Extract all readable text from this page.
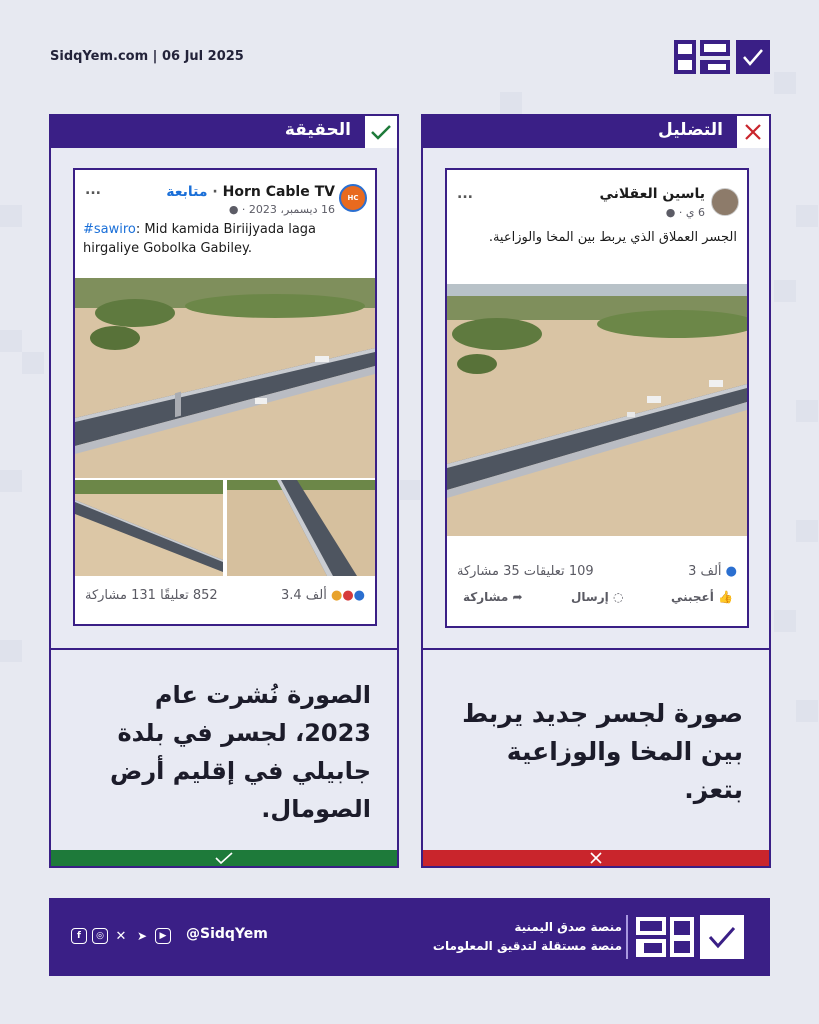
SidqYem.com | 06 Jul 2025
الحقيقة
HC
متابعة · Horn Cable TV
16 ديسمبر، 2023 · ●
...
#sawiro: Mid kamida Biriijyada laga hirgaliye Gobolka Gabiley.
3.4 ألف ●●●
852 تعليقًا 131 مشاركة
الصورة نُشرت عام 2023، لجسر في بلدة جابيلي في إقليم أرض الصومال.
التضليل
ياسين العقلاني
6 ي · ●
...
الجسر العملاق الذي يربط بين المخا والوزاعية.
3 ألف ●
109 تعليقات 35 مشاركة
أعجبني 👍
إرسال ◌
مشاركة ➦
صورة لجسر جديد يربط بين المخا والوزاعية بتعز.
f	◎ ✕ ➤	▶	@SidqYem	منصة صدق اليمنية
منصة مستقلة لتدقيق المعلومات
